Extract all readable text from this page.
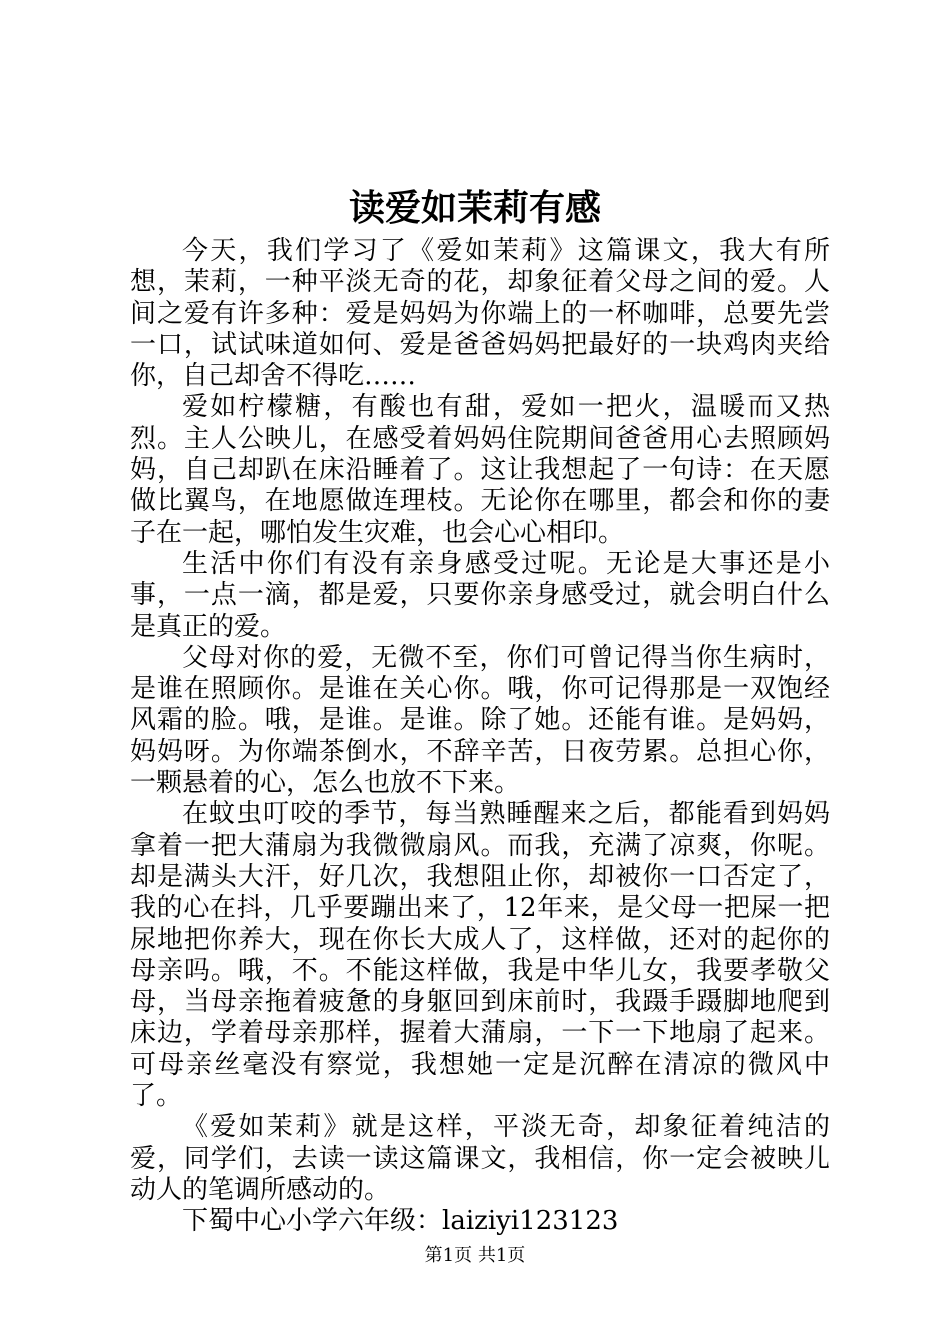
读爱如茉莉有感

今天，我们学习了《爱如茉莉》这篇课文，我大有所想，茉莉，一种平淡无奇的花，却象征着父母之间的爱。人间之爱有许多种：爱是妈妈为你端上的一杯咖啡，总要先尝一口，试试味道如何、爱是爸爸妈妈把最好的一块鸡肉夹给你，自己却舍不得吃……

爱如柠檬糖，有酸也有甜，爱如一把火，温暖而又热烈。主人公映儿，在感受着妈妈住院期间爸爸用心去照顾妈妈，自己却趴在床沿睡着了。这让我想起了一句诗：在天愿做比翼鸟，在地愿做连理枝。无论你在哪里，都会和你的妻子在一起，哪怕发生灾难，也会心心相印。

生活中你们有没有亲身感受过呢。无论是大事还是小事，一点一滴，都是爱，只要你亲身感受过，就会明白什么是真正的爱。

父母对你的爱，无微不至，你们可曾记得当你生病时，是谁在照顾你。是谁在关心你。哦，你可记得那是一双饱经风霜的脸。哦，是谁。是谁。除了她。还能有谁。是妈妈，妈妈呀。为你端茶倒水，不辞辛苦，日夜劳累。总担心你，一颗悬着的心，怎么也放不下来。

在蚊虫叮咬的季节，每当熟睡醒来之后，都能看到妈妈拿着一把大蒲扇为我微微扇风。而我，充满了凉爽，你呢。却是满头大汗，好几次，我想阻止你，却被你一口否定了，我的心在抖，几乎要蹦出来了，12年来，是父母一把屎一把尿地把你养大，现在你长大成人了，这样做，还对的起你的母亲吗。哦，不。不能这样做，我是中华儿女，我要孝敬父母，当母亲拖着疲惫的身躯回到床前时，我蹑手蹑脚地爬到床边，学着母亲那样，握着大蒲扇，一下一下地扇了起来。可母亲丝毫没有察觉，我想她一定是沉醉在清凉的微风中了。

《爱如茉莉》就是这样，平淡无奇，却象征着纯洁的爱，同学们，去读一读这篇课文，我相信，你一定会被映儿动人的笔调所感动的。

下蜀中心小学六年级：laiziyi123123

第1页 共1页
